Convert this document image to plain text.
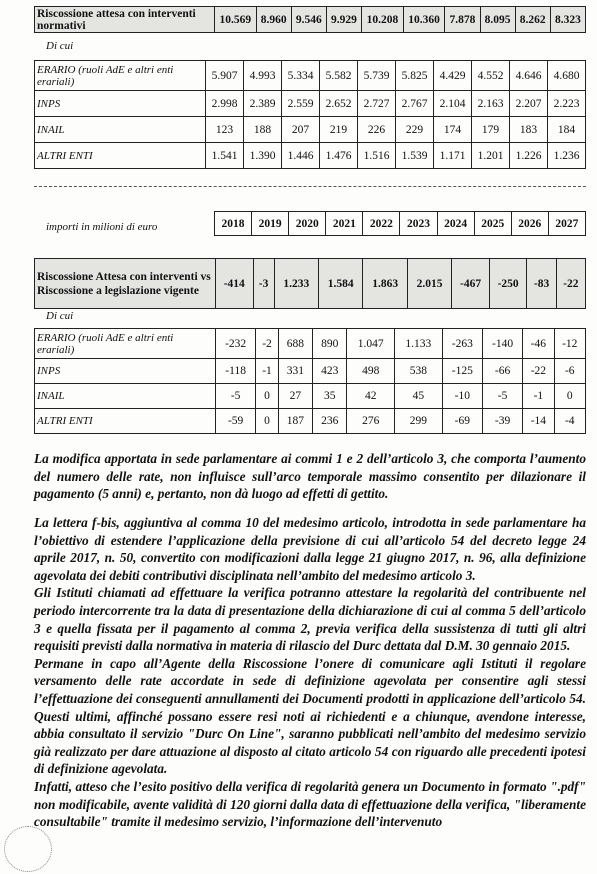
Riscossione attesa con interventi normativi	10.569	8.960	9.546	9.929	10.208	10.360	7.878	8.095	8.262	8.323
Di cui
ERARIO (ruoli AdE e altri enti erariali)	5.907	4.993	5.334	5.582	5.739	5.825	4.429	4.552	4.646	4.680
INPS	2.998	2.389	2.559	2.652	2.727	2.767	2.104	2.163	2.207	2.223
INAIL	123	188	207	219	226	229	174	179	183	184
ALTRI ENTI	1.541	1.390	1.446	1.476	1.516	1.539	1.171	1.201	1.226	1.236
importi in milioni di euro	2018	2019	2020	2021	2022	2023	2024	2025	2026	2027
Riscossione Attesa con interventi vs Riscossione a legislazione vigente	-414	-3	1.233	1.584	1.863	2.015	-467	-250	-83	-22
Di cui
ERARIO (ruoli AdE e altri enti erariali)	-232	-2	688	890	1.047	1.133	-263	-140	-46	-12
INPS	-118	-1	331	423	498	538	-125	-66	-22	-6
INAIL	-5	0	27	35	42	45	-10	-5	-1	0
ALTRI ENTI	-59	0	187	236	276	299	-69	-39	-14	-4

La modifica apportata in sede parlamentare ai commi 1 e 2 dell’articolo 3, che comporta l’aumento del numero delle rate, non influisce sull’arco temporale massimo consentito per dilazionare il pagamento (5 anni) e, pertanto, non dà luogo ad effetti di gettito.

La lettera f-bis, aggiuntiva al comma 10 del medesimo articolo, introdotta in sede parlamentare ha l’obiettivo di estendere l’applicazione della previsione di cui all’articolo 54 del decreto legge 24 aprile 2017, n. 50, convertito con modificazioni dalla legge 21 giugno 2017, n. 96, alla definizione agevolata dei debiti contributivi disciplinata nell’ambito del medesimo articolo 3.

Gli Istituti chiamati ad effettuare la verifica potranno attestare la regolarità del contribuente nel periodo intercorrente tra la data di presentazione della dichiarazione di cui al comma 5 dell’articolo 3 e quella fissata per il pagamento al comma 2, previa verifica della sussistenza di tutti gli altri requisiti previsti dalla normativa in materia di rilascio del Durc dettata dal D.M. 30 gennaio 2015.

Permane in capo all’Agente della Riscossione l’onere di comunicare agli Istituti il regolare versamento delle rate accordate in sede di definizione agevolata per consentire agli stessi l’effettuazione dei conseguenti annullamenti dei Documenti prodotti in applicazione dell’articolo 54. Questi ultimi, affinché possano essere resi noti ai richiedenti e a chiunque, avendone interesse, abbia consultato il servizio "Durc On Line", saranno pubblicati nell’ambito del medesimo servizio già realizzato per dare attuazione al disposto al citato articolo 54 con riguardo alle precedenti ipotesi di definizione agevolata.

Infatti, atteso che l’esito positivo della verifica di regolarità genera un Documento in formato ".pdf" non modificabile, avente validità di 120 giorni dalla data di effettuazione della verifica, "liberamente consultabile" tramite il medesimo servizio, l’informazione dell’intervenuto
